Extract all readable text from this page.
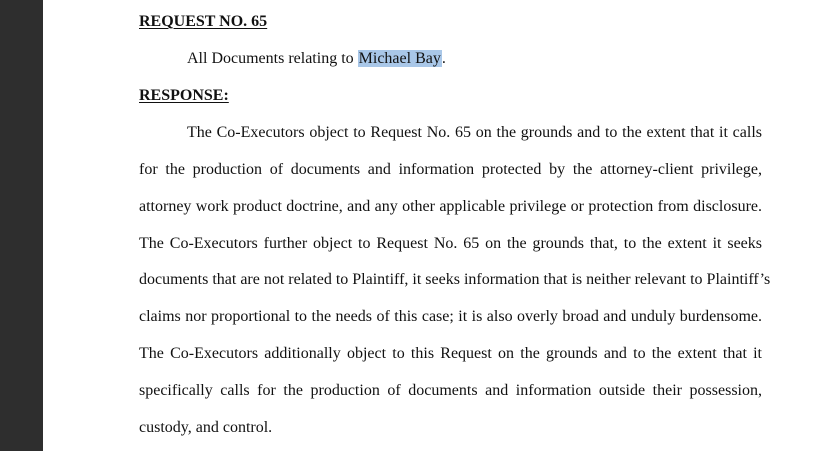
REQUEST NO. 65
All Documents relating to Michael Bay.
RESPONSE:
The Co-Executors object to Request No. 65 on the grounds and to the extent that it calls
for the production of documents and information protected by the attorney-client privilege,
attorney work product doctrine, and any other applicable privilege or protection from disclosure.
The Co-Executors further object to Request No. 65 on the grounds that, to the extent it seeks
documents that are not related to Plaintiff, it seeks information that is neither relevant to Plaintiff’s
claims nor proportional to the needs of this case; it is also overly broad and unduly burdensome.
The Co-Executors additionally object to this Request on the grounds and to the extent that it
specifically calls for the production of documents and information outside their possession,
custody, and control.
